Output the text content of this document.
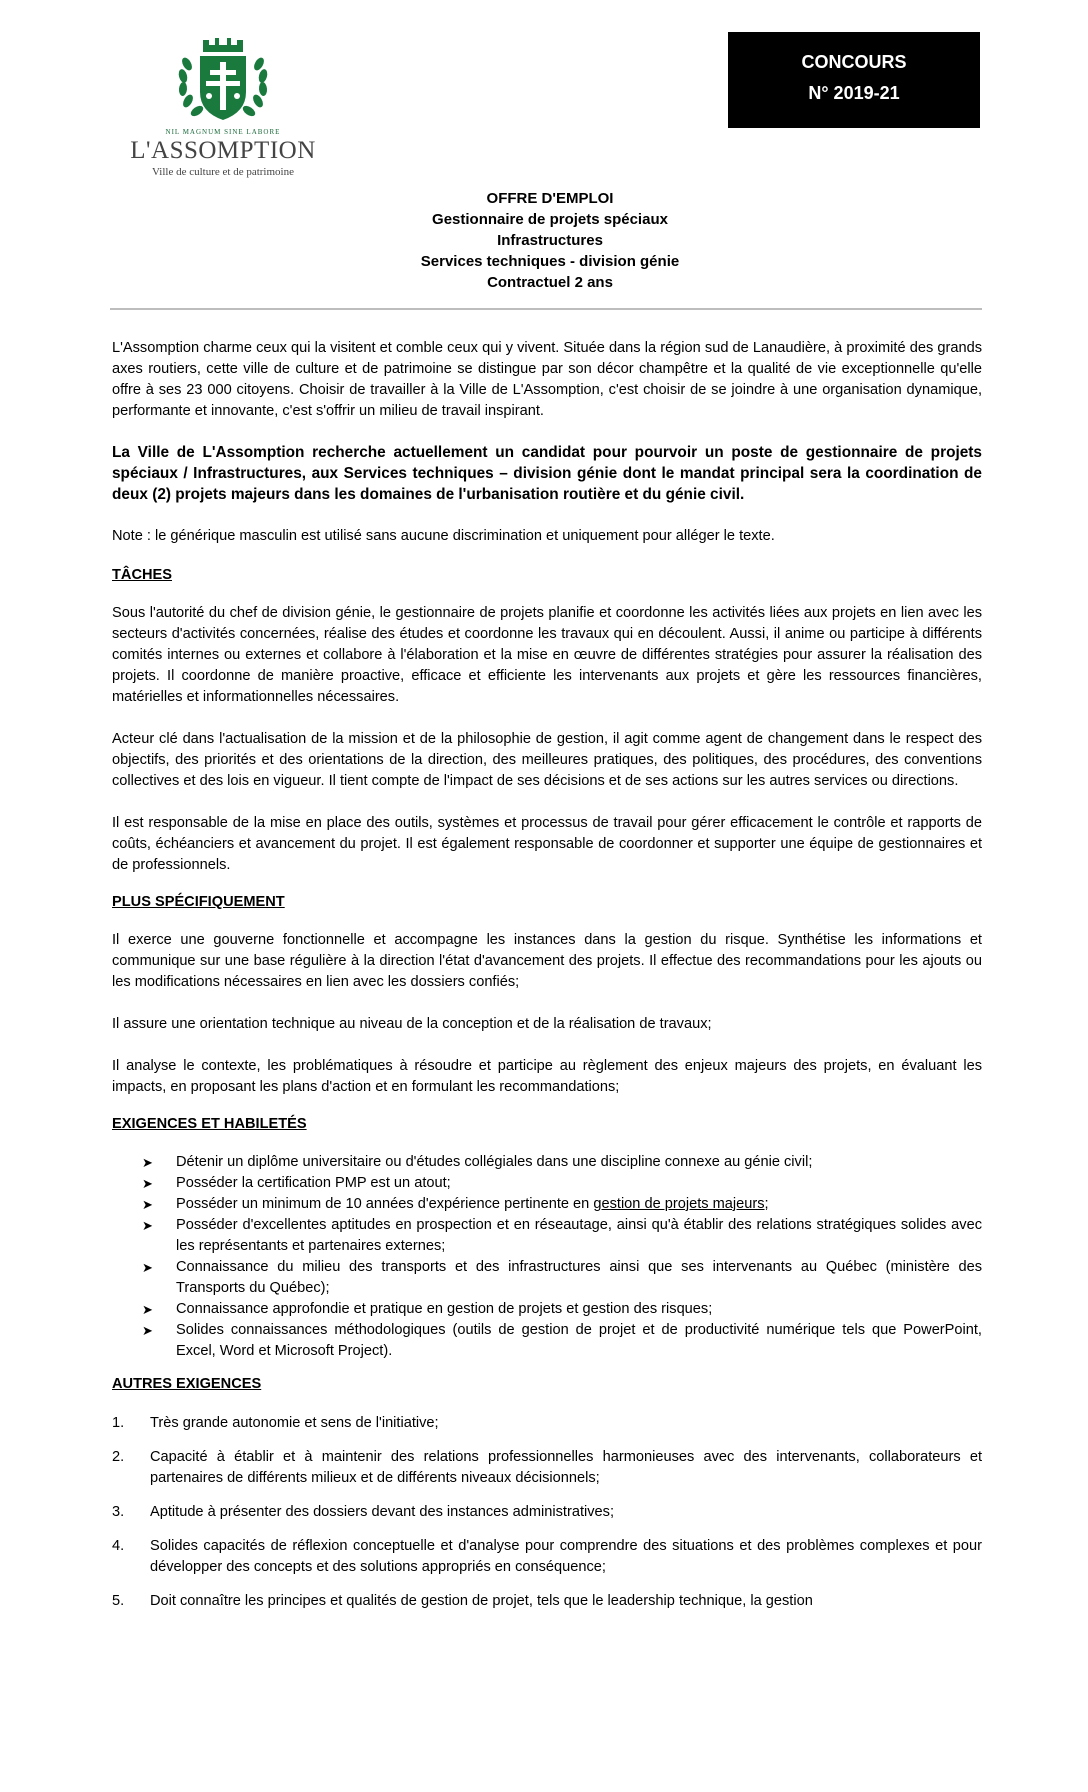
NIL MAGNUM SINE LABORE
L'ASSOMPTION
Ville de culture et de patrimoine
CONCOURS
N° 2019-21
OFFRE D'EMPLOI
Gestionnaire de projets spéciaux
Infrastructures
Services techniques - division génie
Contractuel 2 ans

L'Assomption charme ceux qui la visitent et comble ceux qui y vivent. Située dans la région sud de Lanaudière, à proximité des grands axes routiers, cette ville de culture et de patrimoine se distingue par son décor champêtre et la qualité de vie exceptionnelle qu'elle offre à ses 23 000 citoyens. Choisir de travailler à la Ville de L'Assomption, c'est choisir de se joindre à une organisation dynamique, performante et innovante, c'est s'offrir un milieu de travail inspirant.

La Ville de L'Assomption recherche actuellement un candidat pour pourvoir un poste de gestionnaire de projets spéciaux / Infrastructures, aux Services techniques – division génie dont le mandat principal sera la coordination de deux (2) projets majeurs dans les domaines de l'urbanisation routière et du génie civil.

Note : le générique masculin est utilisé sans aucune discrimination et uniquement pour alléger le texte.

TÂCHES

Sous l'autorité du chef de division génie, le gestionnaire de projets planifie et coordonne les activités liées aux projets en lien avec les secteurs d'activités concernées, réalise des études et coordonne les travaux qui en découlent. Aussi, il anime ou participe à différents comités internes ou externes et collabore à l'élaboration et la mise en œuvre de différentes stratégies pour assurer la réalisation des projets. Il coordonne de manière proactive, efficace et efficiente les intervenants aux projets et gère les ressources financières, matérielles et informationnelles nécessaires.

Acteur clé dans l'actualisation de la mission et de la philosophie de gestion, il agit comme agent de changement dans le respect des objectifs, des priorités et des orientations de la direction, des meilleures pratiques, des politiques, des procédures, des conventions collectives et des lois en vigueur. Il tient compte de l'impact de ses décisions et de ses actions sur les autres services ou directions.

Il est responsable de la mise en place des outils, systèmes et processus de travail pour gérer efficacement le contrôle et rapports de coûts, échéanciers et avancement du projet. Il est également responsable de coordonner et supporter une équipe de gestionnaires et de professionnels.

PLUS SPÉCIFIQUEMENT

Il exerce une gouverne fonctionnelle et accompagne les instances dans la gestion du risque. Synthétise les informations et communique sur une base régulière à la direction l'état d'avancement des projets. Il effectue des recommandations pour les ajouts ou les modifications nécessaires en lien avec les dossiers confiés;

Il assure une orientation technique au niveau de la conception et de la réalisation de travaux;

Il analyse le contexte, les problématiques à résoudre et participe au règlement des enjeux majeurs des projets, en évaluant les impacts, en proposant les plans d'action et en formulant les recommandations;

EXIGENCES ET HABILETÉS
➤ Détenir un diplôme universitaire ou d'études collégiales dans une discipline connexe au génie civil;
➤ Posséder la certification PMP est un atout;
➤ Posséder un minimum de 10 années d'expérience pertinente en gestion de projets majeurs;
➤ Posséder d'excellentes aptitudes en prospection et en réseautage, ainsi qu'à établir des relations stratégiques solides avec les représentants et partenaires externes;
➤ Connaissance du milieu des transports et des infrastructures ainsi que ses intervenants au Québec (ministère des Transports du Québec);
➤ Connaissance approfondie et pratique en gestion de projets et gestion des risques;
➤ Solides connaissances méthodologiques (outils de gestion de projet et de productivité numérique tels que PowerPoint, Excel, Word et Microsoft Project).
AUTRES EXIGENCES
1. Très grande autonomie et sens de l'initiative;
2. Capacité à établir et à maintenir des relations professionnelles harmonieuses avec des intervenants, collaborateurs et partenaires de différents milieux et de différents niveaux décisionnels;
3. Aptitude à présenter des dossiers devant des instances administratives;
4. Solides capacités de réflexion conceptuelle et d'analyse pour comprendre des situations et des problèmes complexes et pour développer des concepts et des solutions appropriés en conséquence;
5. Doit connaître les principes et qualités de gestion de projet, tels que le leadership technique, la gestion
